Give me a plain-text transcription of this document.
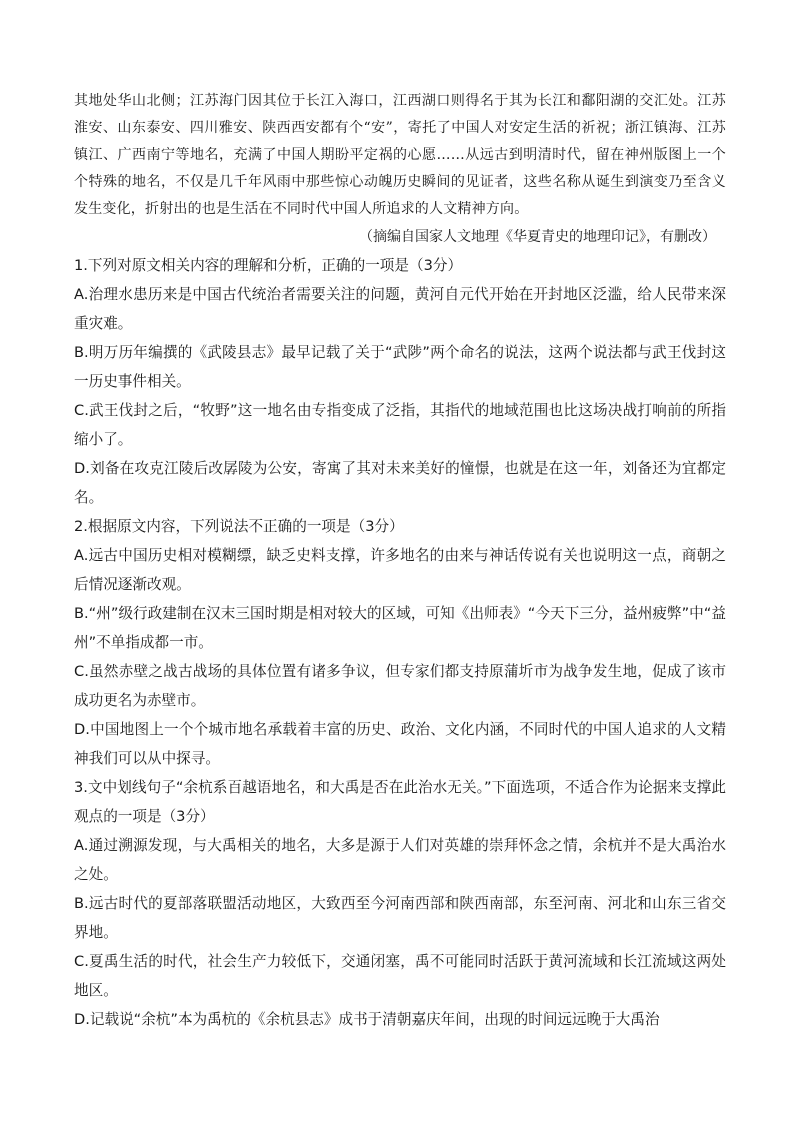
其地处华山北侧；江苏海门因其位于长江入海口，江西湖口则得名于其为长江和鄱阳湖的交汇处。江苏淮安、山东泰安、四川雅安、陕西西安都有个“安”，寄托了中国人对安定生活的祈祝；浙江镇海、江苏镇江、广西南宁等地名，充满了中国人期盼平定祸的心愿……从远古到明清时代，留在神州版图上一个个特殊的地名，不仅是几千年风雨中那些惊心动魄历史瞬间的见证者，这些名称从诞生到演变乃至含义发生变化，折射出的也是生活在不同时代中国人所追求的人文精神方向。

（摘编自国家人文地理《华夏青史的地理印记》，有删改）

1.下列对原文相关内容的理解和分析，正确的一项是（3分）

A.治理水患历来是中国古代统治者需要关注的问题，黄河自元代开始在开封地区泛滥，给人民带来深重灾难。

B.明万历年编撰的《武陵县志》最早记载了关于“武陟”两个命名的说法，这两个说法都与武王伐封这一历史事件相关。

C.武王伐封之后，“牧野”这一地名由专指变成了泛指，其指代的地域范围也比这场决战打响前的所指缩小了。

D.刘备在攻克江陵后改孱陵为公安，寄寓了其对未来美好的憧憬，也就是在这一年，刘备还为宜都定名。

2.根据原文内容，下列说法不正确的一项是（3分）

A.远古中国历史相对模糊缥，缺乏史料支撑，许多地名的由来与神话传说有关也说明这一点，商朝之后情况逐渐改观。

B.“州”级行政建制在汉末三国时期是相对较大的区域，可知《出师表》“今天下三分，益州疲弊”中“益州”不单指成都一市。

C.虽然赤壁之战古战场的具体位置有诸多争议，但专家们都支持原蒲圻市为战争发生地，促成了该市成功更名为赤壁市。

D.中国地图上一个个城市地名承载着丰富的历史、政治、文化内涵，不同时代的中国人追求的人文精神我们可以从中探寻。

3.文中划线句子“余杭系百越语地名，和大禹是否在此治水无关。”下面选项，不适合作为论据来支撑此观点的一项是（3分）

A.通过溯源发现，与大禹相关的地名，大多是源于人们对英雄的崇拜怀念之情，余杭并不是大禹治水之处。

B.远古时代的夏部落联盟活动地区，大致西至今河南西部和陕西南部，东至河南、河北和山东三省交界地。

C.夏禹生活的时代，社会生产力较低下，交通闭塞，禹不可能同时活跃于黄河流域和长江流域这两处地区。

D.记载说“余杭”本为禹杭的《余杭县志》成书于清朝嘉庆年间，出现的时间远远晚于大禹治
